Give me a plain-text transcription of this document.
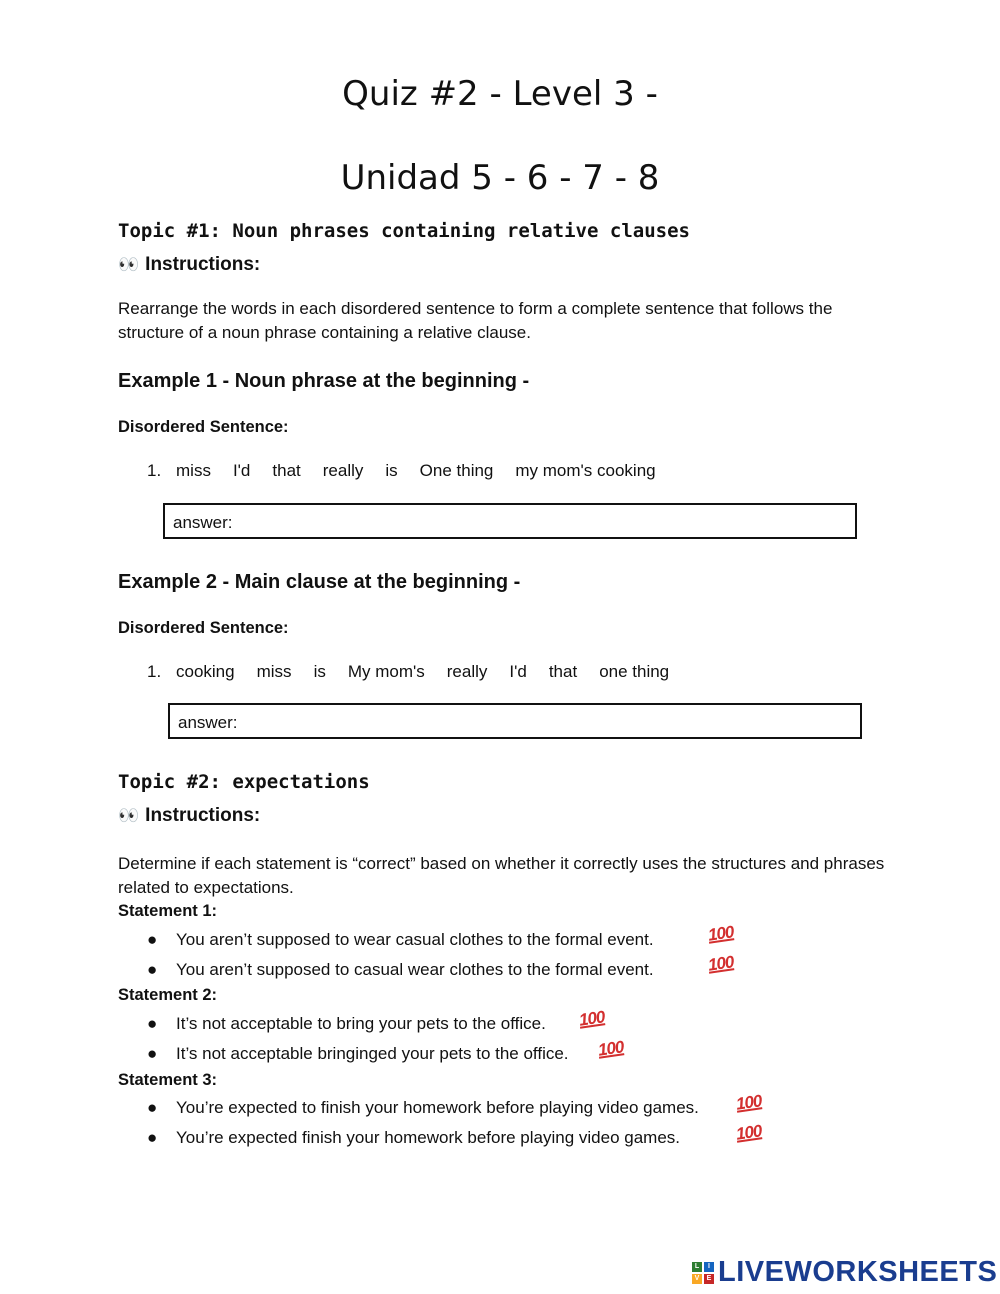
Quiz #2 - Level 3 -
Unidad 5 - 6 - 7 - 8
Topic #1: Noun phrases containing relative clauses
👀 Instructions:
Rearrange the words in each disordered sentence to form a complete sentence that follows the structure of a noun phrase containing a relative clause.
Example 1 - Noun phrase at the beginning -
Disordered Sentence:
1. miss I'd that really is One thing my mom's cooking
answer:
Example 2 - Main clause at the beginning -
Disordered Sentence:
1. cooking miss is My mom's really I'd that one thing
answer:
Topic #2: expectations
👀 Instructions:
Determine if each statement is “correct” based on whether it correctly uses the structures and phrases related to expectations.
Statement 1:
● You aren’t supposed to wear casual clothes to the formal event.	100
● You aren’t supposed to casual wear clothes to the formal event.	100
Statement 2:
● It’s not acceptable to bring your pets to the office. 100
● It’s not acceptable bringinged your pets to the office. 100
Statement 3:
● You’re expected to finish your homework before playing video games. 100
● You’re expected finish your homework before playing video games.	100
L	I
V	E LIVEWORKSHEETS
